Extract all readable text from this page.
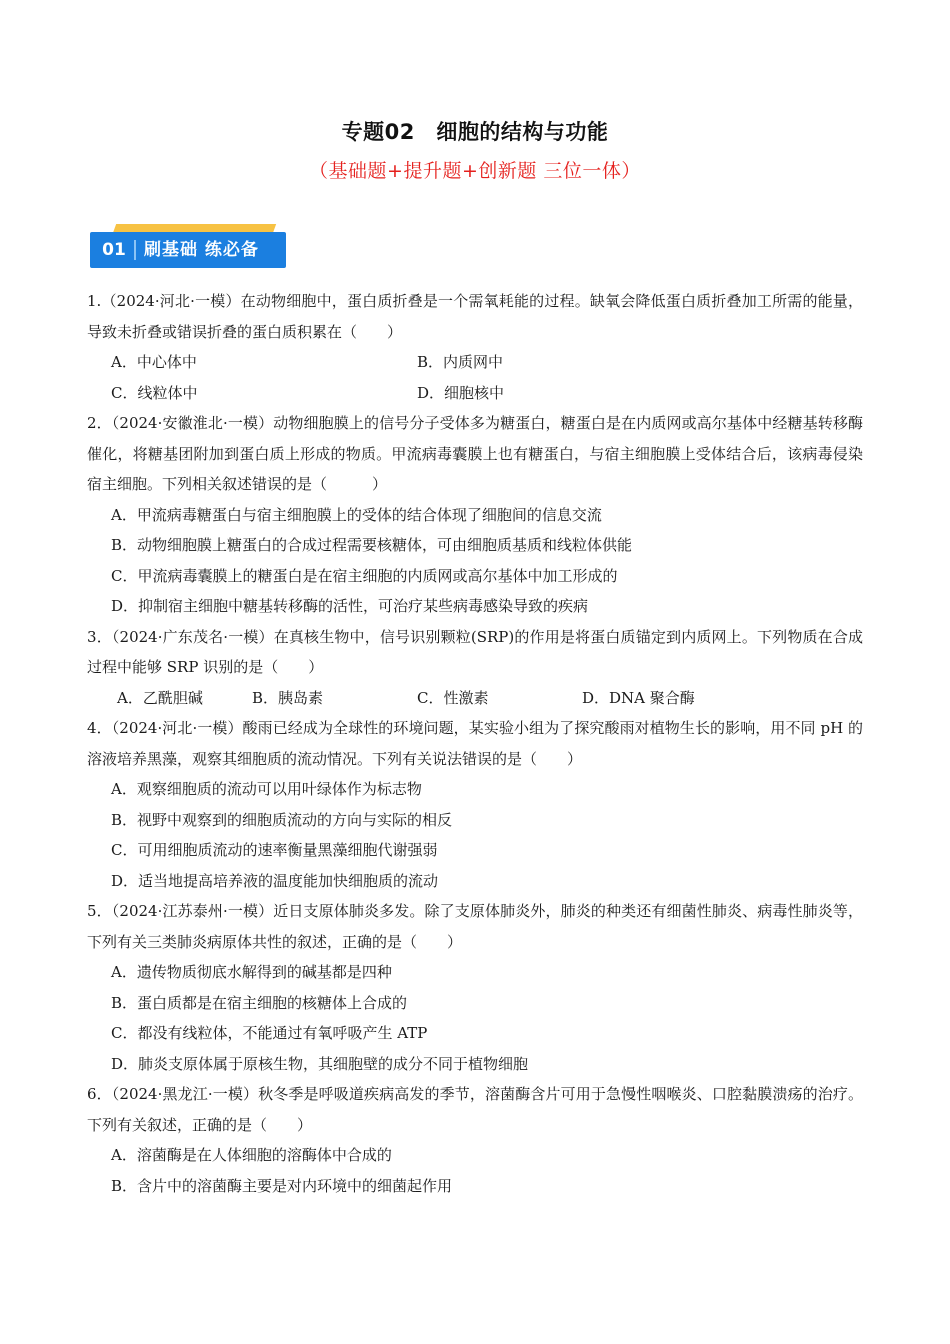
专题02　细胞的结构与功能
（基础题+提升题+创新题 三位一体）
01	刷基础 练必备
1.（2024·河北·一模）在动物细胞中，蛋白质折叠是一个需氧耗能的过程。缺氧会降低蛋白质折叠加工所需的能量，导致未折叠或错误折叠的蛋白质积累在（　　）
A．中心体中	B．内质网中
C．线粒体中	D．细胞核中
2．（2024·安徽淮北·一模）动物细胞膜上的信号分子受体多为糖蛋白，糖蛋白是在内质网或高尔基体中经糖基转移酶催化，将糖基团附加到蛋白质上形成的物质。甲流病毒囊膜上也有糖蛋白，与宿主细胞膜上受体结合后，该病毒侵染宿主细胞。下列相关叙述错误的是（　　　）
A．甲流病毒糖蛋白与宿主细胞膜上的受体的结合体现了细胞间的信息交流
B．动物细胞膜上糖蛋白的合成过程需要核糖体，可由细胞质基质和线粒体供能
C．甲流病毒囊膜上的糖蛋白是在宿主细胞的内质网或高尔基体中加工形成的
D．抑制宿主细胞中糖基转移酶的活性，可治疗某些病毒感染导致的疾病
3．（2024·广东茂名·一模）在真核生物中，信号识别颗粒(SRP)的作用是将蛋白质锚定到内质网上。下列物质在合成过程中能够 SRP 识别的是（　　）
A．乙酰胆碱	B．胰岛素	C．性激素	D．DNA 聚合酶
4．（2024·河北·一模）酸雨已经成为全球性的环境问题，某实验小组为了探究酸雨对植物生长的影响，用不同 pH 的溶液培养黑藻，观察其细胞质的流动情况。下列有关说法错误的是（　　）
A．观察细胞质的流动可以用叶绿体作为标志物
B．视野中观察到的细胞质流动的方向与实际的相反
C．可用细胞质流动的速率衡量黑藻细胞代谢强弱
D．适当地提高培养液的温度能加快细胞质的流动
5．（2024·江苏泰州·一模）近日支原体肺炎多发。除了支原体肺炎外，肺炎的种类还有细菌性肺炎、病毒性肺炎等，下列有关三类肺炎病原体共性的叙述，正确的是（　　）
A．遗传物质彻底水解得到的碱基都是四种
B．蛋白质都是在宿主细胞的核糖体上合成的
C．都没有线粒体，不能通过有氧呼吸产生 ATP
D．肺炎支原体属于原核生物，其细胞壁的成分不同于植物细胞
6．（2024·黑龙江·一模）秋冬季是呼吸道疾病高发的季节，溶菌酶含片可用于急慢性咽喉炎、口腔黏膜溃疡的治疗。下列有关叙述，正确的是（　　）
A．溶菌酶是在人体细胞的溶酶体中合成的
B．含片中的溶菌酶主要是对内环境中的细菌起作用
